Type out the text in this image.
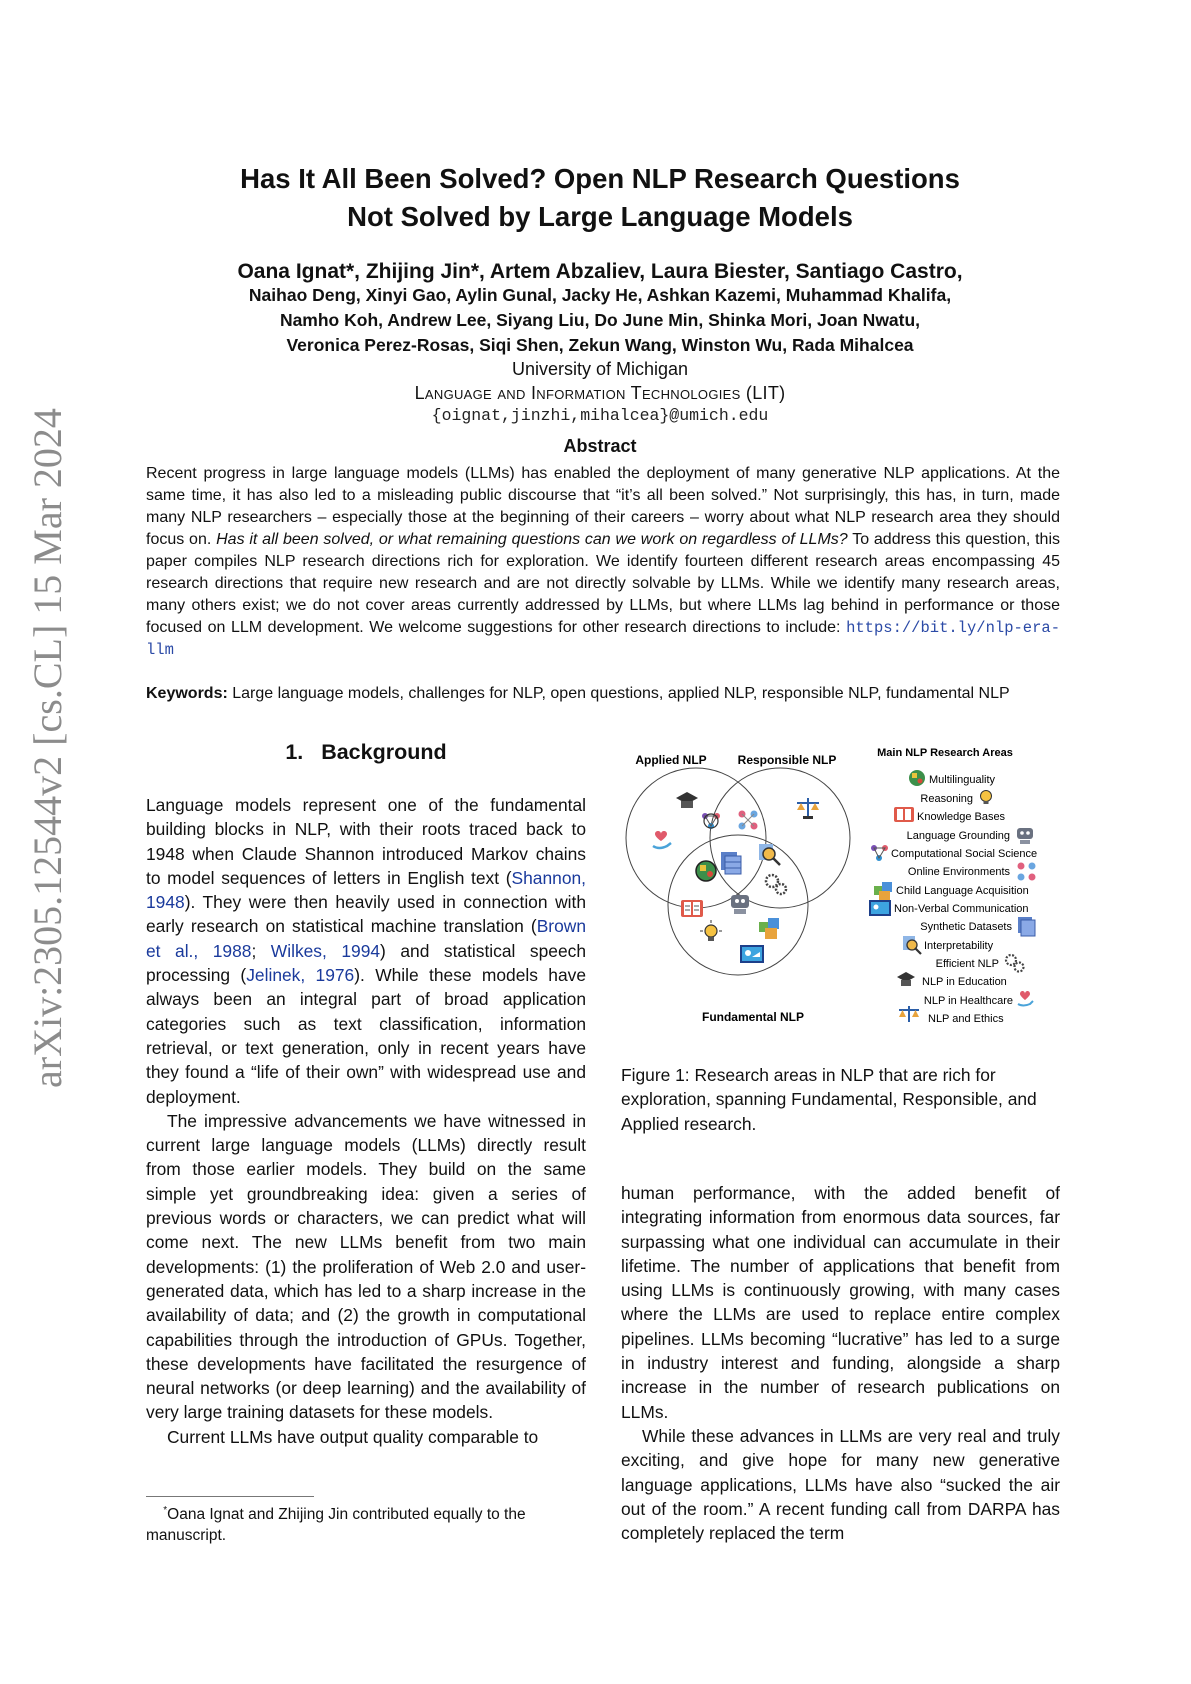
arXiv:2305.12544v2 [cs.CL] 15 Mar 2024
Has It All Been Solved? Open NLP Research Questions
Not Solved by Large Language Models
Oana Ignat*, Zhijing Jin*, Artem Abzaliev, Laura Biester, Santiago Castro,
Naihao Deng, Xinyi Gao, Aylin Gunal, Jacky He, Ashkan Kazemi, Muhammad Khalifa,
Namho Koh, Andrew Lee, Siyang Liu, Do June Min, Shinka Mori, Joan Nwatu,
Veronica Perez-Rosas, Siqi Shen, Zekun Wang, Winston Wu, Rada Mihalcea
University of Michigan
Language and Information Technologies (LIT)
{oignat,jinzhi,mihalcea}@umich.edu
Abstract
Recent progress in large language models (LLMs) has enabled the deployment of many generative NLP applications. At the same time, it has also led to a misleading public discourse that “it’s all been solved.” Not surprisingly, this has, in turn, made many NLP researchers – especially those at the beginning of their careers – worry about what NLP research area they should focus on. Has it all been solved, or what remaining questions can we work on regardless of LLMs? To address this question, this paper compiles NLP research directions rich for exploration. We identify fourteen different research areas encompassing 45 research directions that require new research and are not directly solvable by LLMs. While we identify many research areas, many others exist; we do not cover areas currently addressed by LLMs, but where LLMs lag behind in performance or those focused on LLM development. We welcome suggestions for other research directions to include: https://bit.ly/nlp-era-llm
Keywords: Large language models, challenges for NLP, open questions, applied NLP, responsible NLP, fundamental NLP
1. Background

Language models represent one of the fundamental building blocks in NLP, with their roots traced back to 1948 when Claude Shannon introduced Markov chains to model sequences of letters in English text (Shannon, 1948). They were then heavily used in connection with early research on statistical machine translation (Brown et al., 1988; Wilkes, 1994) and statistical speech processing (Jelinek, 1976). While these models have always been an integral part of broad application categories such as text classification, information retrieval, or text generation, only in recent years have they found a “life of their own” with widespread use and deployment.

The impressive advancements we have witnessed in current large language models (LLMs) directly result from those earlier models. They build on the same simple yet groundbreaking idea: given a series of previous words or characters, we can predict what will come next. The new LLMs benefit from two main developments: (1) the proliferation of Web 2.0 and user-generated data, which has led to a sharp increase in the availability of data; and (2) the growth in computational capabilities through the introduction of GPUs. Together, these developments have facilitated the resurgence of neural networks (or deep learning) and the availability of very large training datasets for these models.

Current LLMs have output quality comparable to

*Oana Ignat and Zhijing Jin contributed equally to the manuscript.
Applied NLP	Responsible NLP
Fundamental NLP
Main NLP Research Areas
Multilinguality
Reasoning
Knowledge Bases
Language Grounding
Computational Social Science
Online Environments
Child Language Acquisition
Non-Verbal Communication
Synthetic Datasets
Interpretability
Efficient NLP
NLP in Education
NLP in Healthcare
NLP and Ethics
Figure 1: Research areas in NLP that are rich for exploration, spanning Fundamental, Responsible, and Applied research.

human performance, with the added benefit of integrating information from enormous data sources, far surpassing what one individual can accumulate in their lifetime. The number of applications that benefit from using LLMs is continuously growing, with many cases where the LLMs are used to replace entire complex pipelines. LLMs becoming “lucrative” has led to a surge in industry interest and funding, alongside a sharp increase in the number of research publications on LLMs.

While these advances in LLMs are very real and truly exciting, and give hope for many new generative language applications, LLMs have also “sucked the air out of the room.” A recent funding call from DARPA has completely replaced the term
